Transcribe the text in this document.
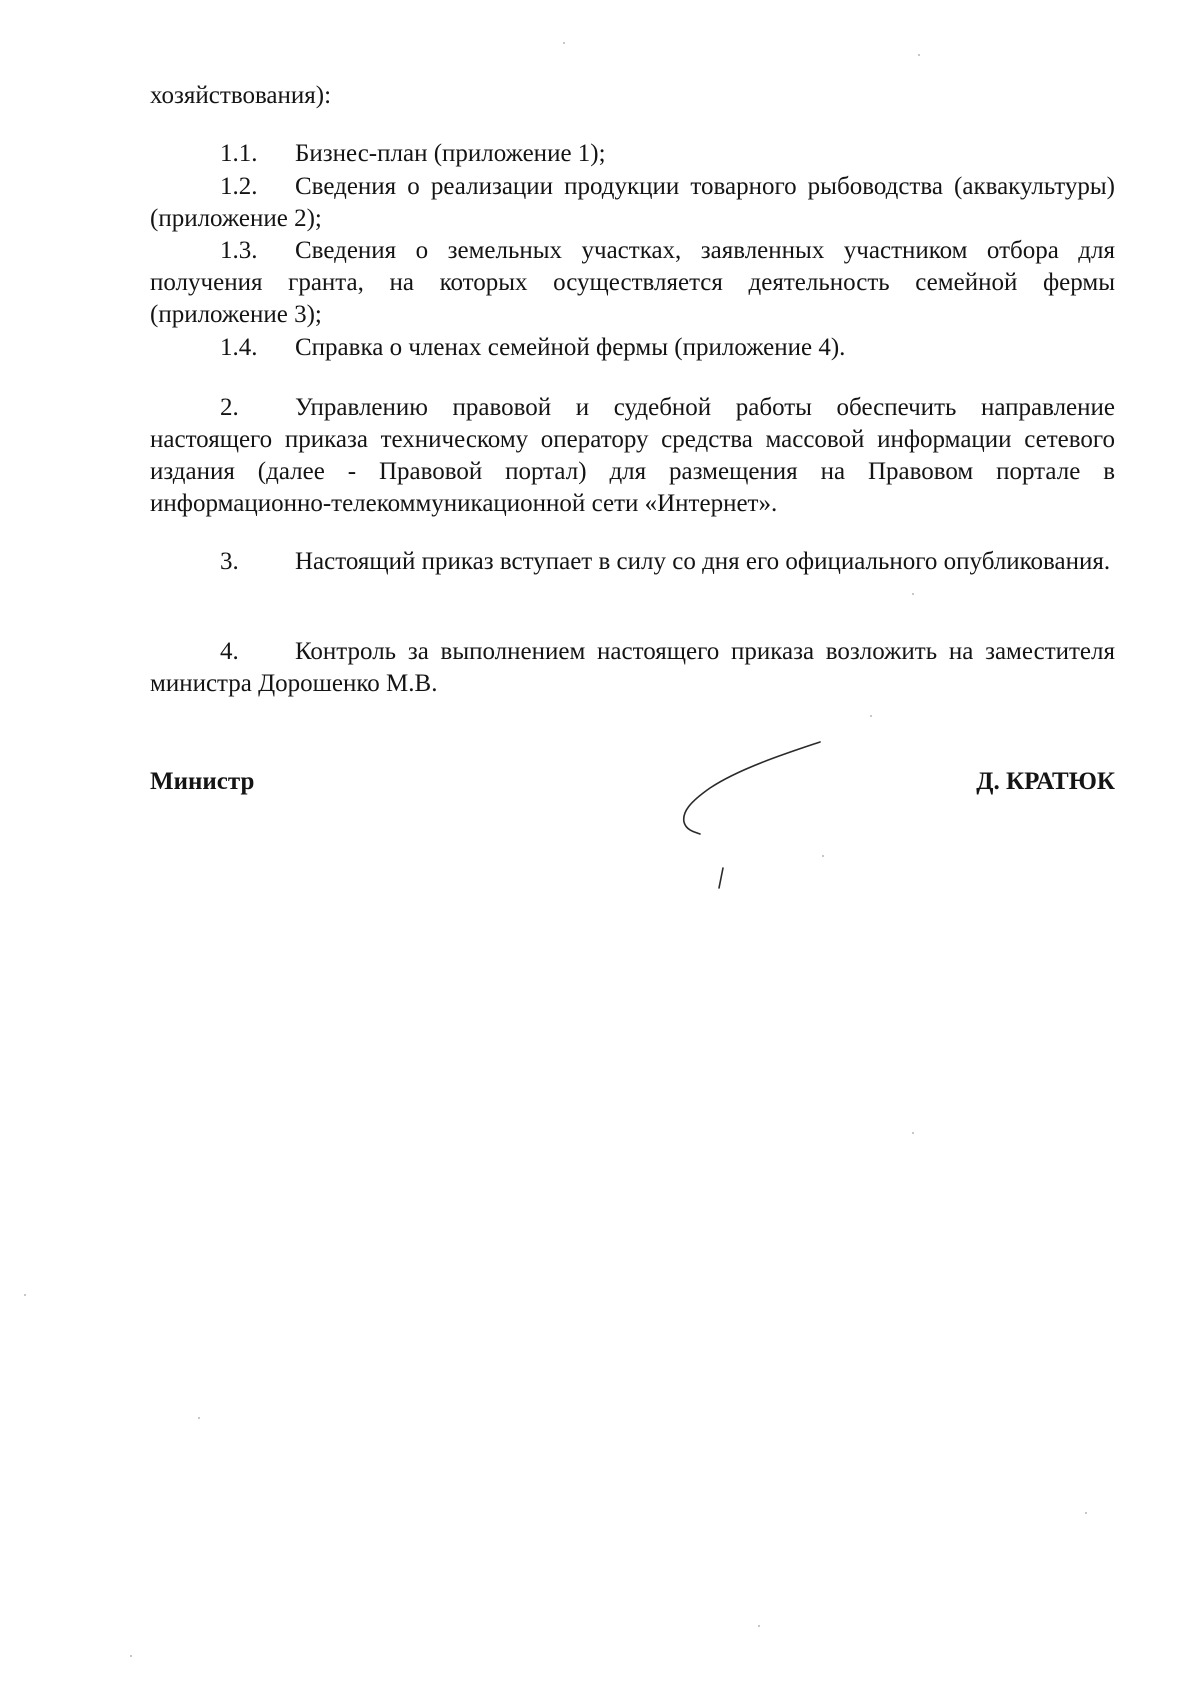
хозяйствования):
1.1. Бизнес-план (приложение 1);
1.2. Сведения о реализации продукции товарного рыбоводства (аквакультуры) (приложение 2);
1.3. Сведения о земельных участках, заявленных участником отбора для получения гранта, на которых осуществляется деятельность семейной фермы (приложение 3);
1.4. Справка о членах семейной фермы (приложение 4).
2. Управлению правовой и судебной работы обеспечить направление настоящего приказа техническому оператору средства массовой информации сетевого издания (далее - Правовой портал) для размещения на Правовом портале в информационно-телекоммуникационной сети «Интернет».
3. Настоящий приказ вступает в силу со дня его официального опубликования.
4. Контроль за выполнением настоящего приказа возложить на заместителя министра Дорошенко М.В.
Министр	Д. КРАТЮК
